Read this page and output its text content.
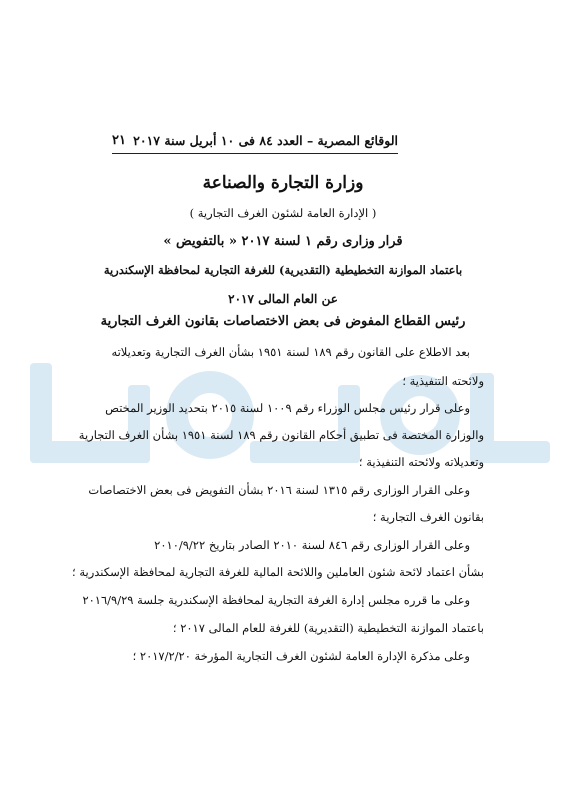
الوقائع المصرية – العدد ٨٤ فى ١٠ أبريل سنة ٢٠١٧
٢١
وزارة التجارة والصناعة
( الإدارة العامة لشئون الغرف التجارية )
قرار وزارى رقم ١ لسنة ٢٠١٧ « بالتفويض »
باعتماد الموازنة التخطيطية (التقديرية) للغرفة التجارية لمحافظة الإسكندرية
عن العام المالى ٢٠١٧
رئيس القطاع المفوض فى بعض الاختصاصات بقانون الغرف التجارية
بعد الاطلاع على القانون رقم ١٨٩ لسنة ١٩٥١ بشأن الغرف التجارية وتعديلاته
ولائحته التنفيذية ؛
وعلى قرار رئيس مجلس الوزراء رقم ١٠٠٩ لسنة ٢٠١٥ بتحديد الوزير المختص
والوزارة المختصة فى تطبيق أحكام القانون رقم ١٨٩ لسنة ١٩٥١ بشأن الغرف التجارية
وتعديلاته ولائحته التنفيذية ؛
وعلى القرار الوزارى رقم ١٣١٥ لسنة ٢٠١٦ بشأن التفويض فى بعض الاختصاصات
بقانون الغرف التجارية ؛
وعلى القرار الوزارى رقم ٨٤٦ لسنة ٢٠١٠ الصادر بتاريخ ٢٠١٠/٩/٢٢
بشأن اعتماد لائحة شئون العاملين واللائحة المالية للغرفة التجارية لمحافظة الإسكندرية ؛
وعلى ما قرره مجلس إدارة الغرفة التجارية لمحافظة الإسكندرية جلسة ٢٠١٦/٩/٢٩
باعتماد الموازنة التخطيطية (التقديرية) للغرفة للعام المالى ٢٠١٧ ؛
وعلى مذكرة الإدارة العامة لشئون الغرف التجارية المؤرخة ٢٠١٧/٢/٢٠ ؛
